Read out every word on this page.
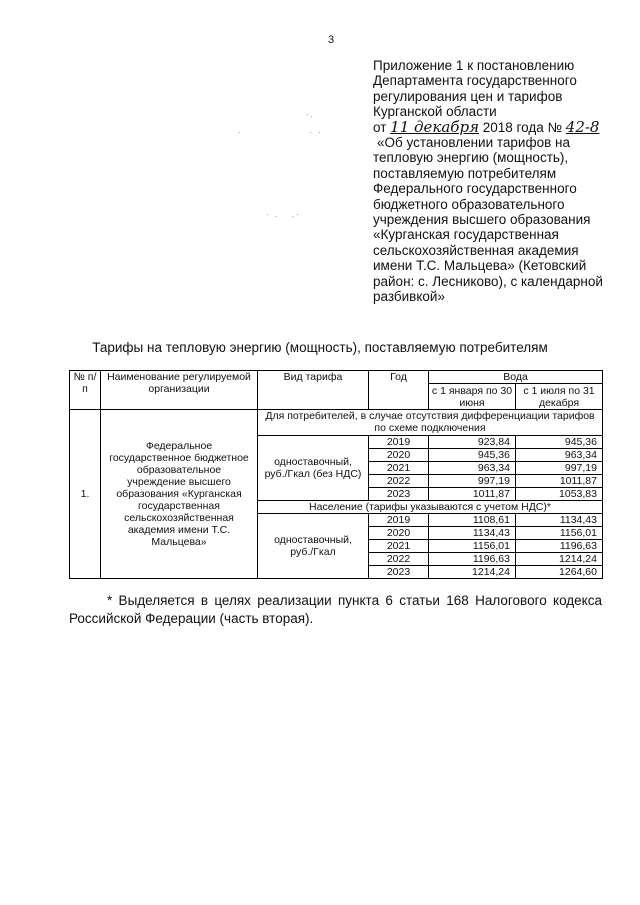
3
.                . .
·.
· .   .·
Приложение 1 к постановлению
Департамента государственного
регулирования цен и тарифов
Курганской области
от 11 декабря 2018 года № 42-8
«Об установлении тарифов на
тепловую энергию (мощность),
поставляемую потребителям
Федерального государственного
бюджетного образовательного
учреждения высшего образования
«Курганская государственная
сельскохозяйственная академия
имени Т.С. Мальцева» (Кетовский
район: с. Лесниково), с календарной
разбивкой»
Тарифы на тепловую энергию (мощность), поставляемую потребителям
№ п/п	Наименование регулируемой организации	Вид тарифа	Год	Вода	
				с 1 января по 30 июня	с 1 июля по 31 декабря
1.	Федеральное государственное бюджетное образовательное учреждение высшего образования «Курганская государственная сельскохозяйственная академия имени Т.С. Мальцева»	Для потребителей, в случае отсутствия дифференциации тарифов по схеме подключения			
		одноставочный, руб./Гкал (без НДС)	2019	923,84	945,36
			2020	945,36	963,34
			2021	963,34	997,19
			2022	997,19	1011,87
			2023	1011,87	1053,83
		Население (тарифы указываются с учетом НДС)*			
		одноставочный, руб./Гкал	2019	1108,61	1134,43
			2020	1134,43	1156,01
			2021	1156,01	1196,63
			2022	1196,63	1214,24
			2023	1214,24	1264,60
* Выделяется в целях реализации пункта 6 статьи 168 Налогового кодекса Российской Федерации (часть вторая).
